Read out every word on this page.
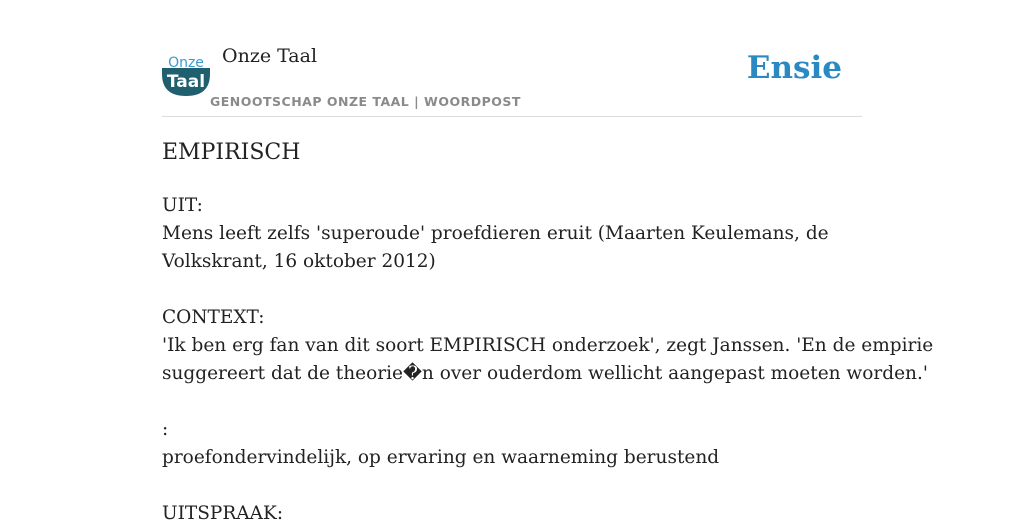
Onze
Taal
Onze Taal
GENOOTSCHAP ONZE TAAL | WOORDPOST
Ensie
EMPIRISCH
UIT:
Mens leeft zelfs 'superoude' proefdieren eruit (Maarten Keulemans, de
Volkskrant, 16 oktober 2012)
CONTEXT:
'Ik ben erg fan van dit soort EMPIRISCH onderzoek', zegt Janssen. 'En de empirie
suggereert dat de theorie�n over ouderdom wellicht aangepast moeten worden.'
:
proefondervindelijk, op ervaring en waarneming berustend
UITSPRAAK:
